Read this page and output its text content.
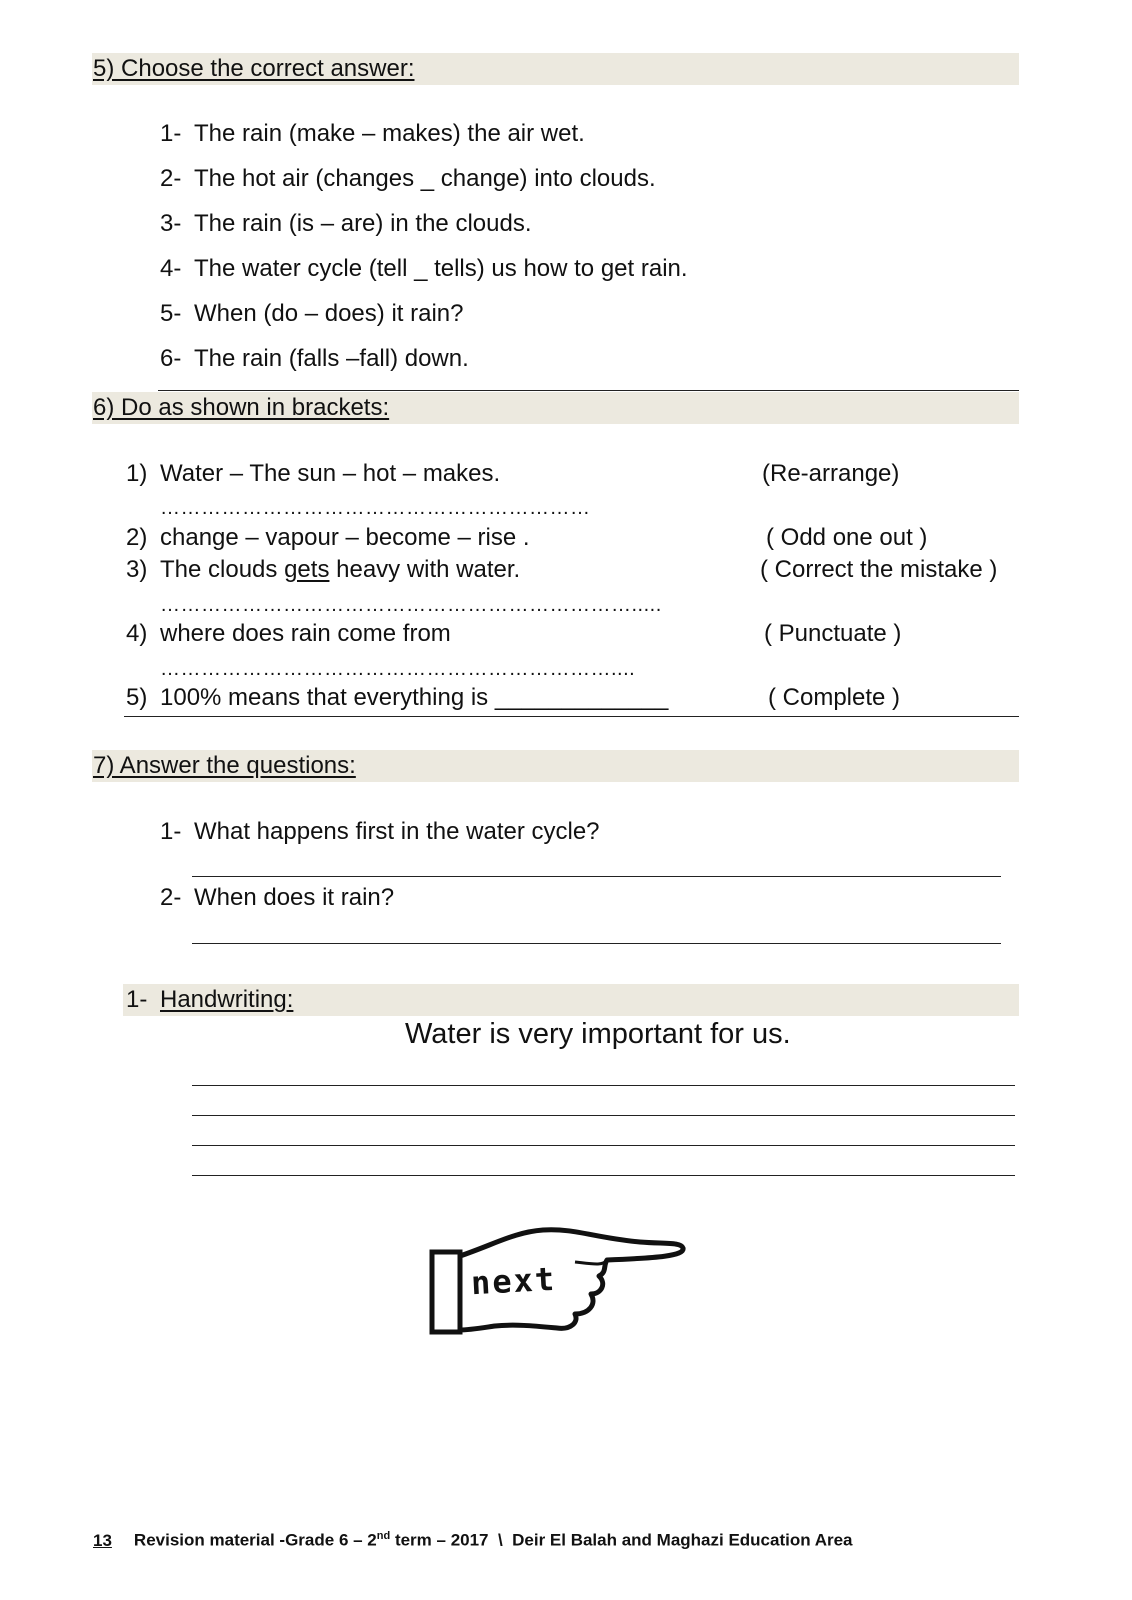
5) Choose the correct answer:
1- The rain (make – makes) the air wet.
2- The hot air (changes _ change) into clouds.
3- The rain (is – are) in the clouds.
4- The water cycle (tell _ tells) us how to get rain.
5- When (do – does) it rain?
6- The rain (falls –fall) down.
6) Do as shown in brackets:
1) Water – The sun – hot – makes.	(Re-arrange)
………………………………………………………
2) change – vapour – become – rise .	( Odd one out )
3) The clouds gets heavy with water.	( Correct the mistake )
…………………………………………………………….....
4) where does rain come from	( Punctuate )
…………………………………………………………....
5) 100% means that everything is _____________	( Complete )
7) Answer the questions:
1- What happens first in the water cycle?
2- When does it rain?
1- Handwriting:
Water is very important for us.
next
13 Revision material -Grade 6 – 2nd term – 2017  \  Deir El Balah and Maghazi Education Area
